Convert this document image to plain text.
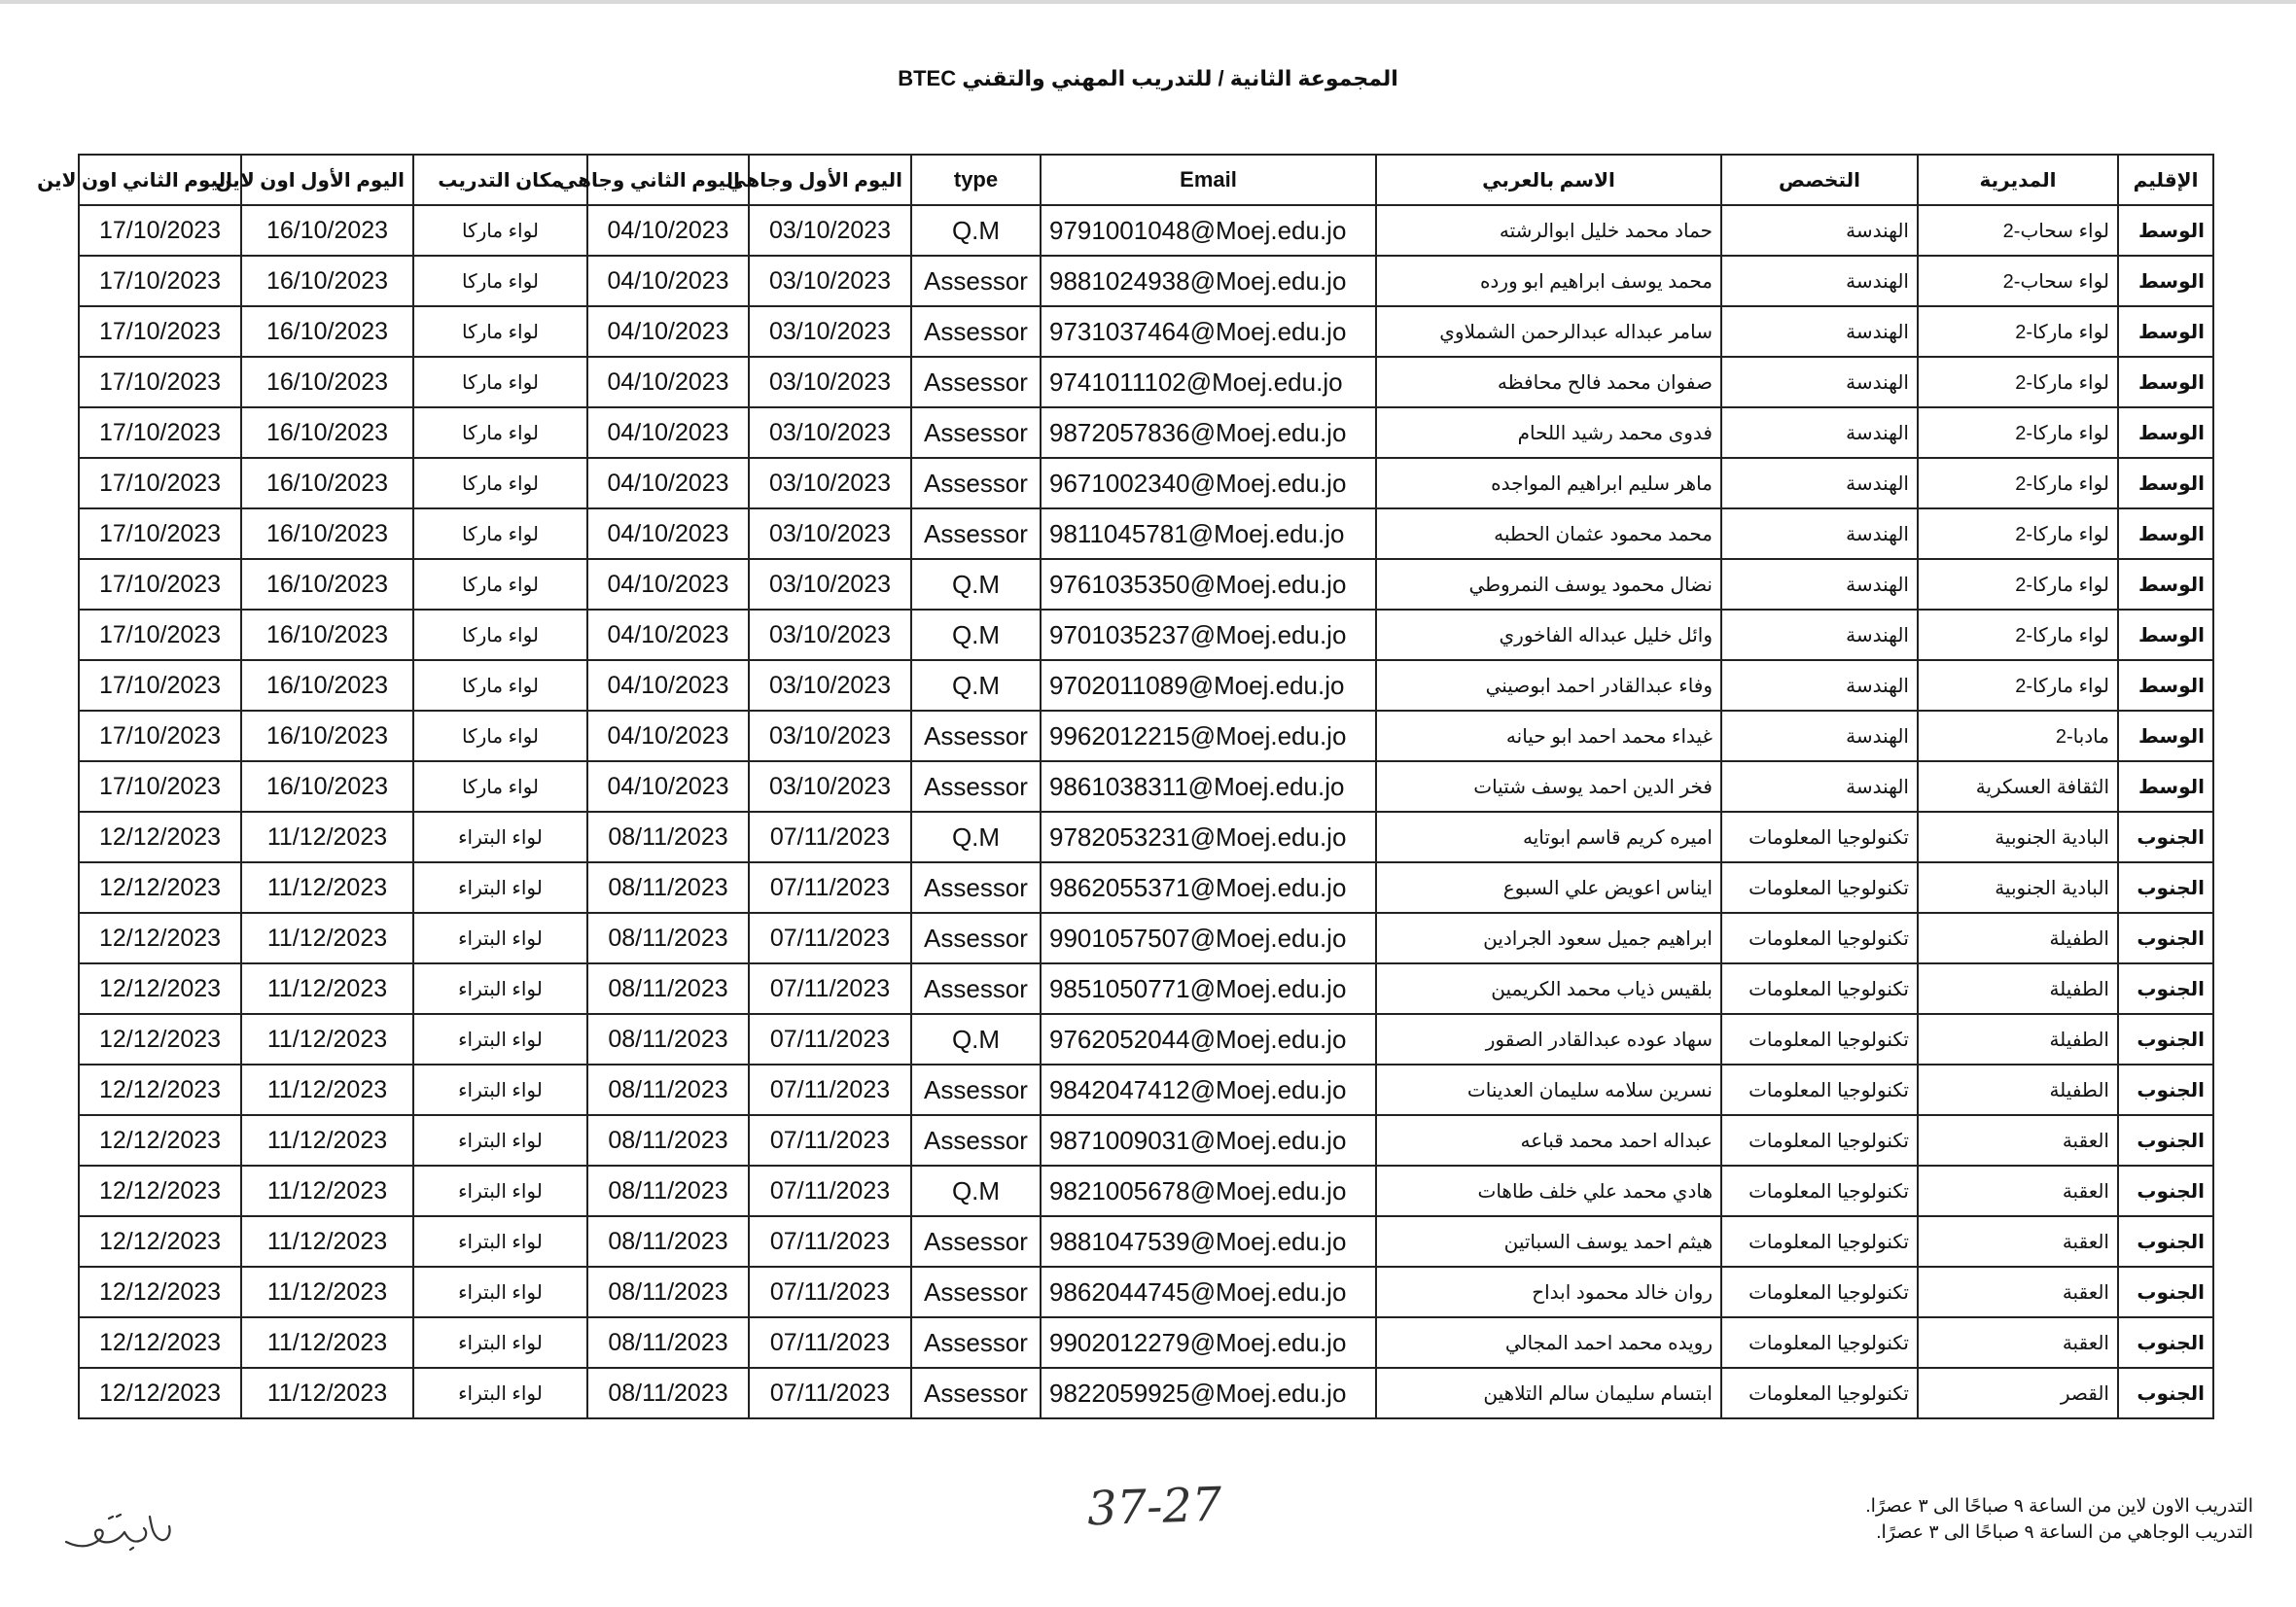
المجموعة الثانية / للتدريب المهني والتقني BTEC
الإقليم	المديرية	التخصص	الاسم بالعربي	Email	type	اليوم الأول وجاهي	اليوم الثاني وجاهي	مكان التدريب	اليوم الأول اون لاين	اليوم الثاني اون لاين
الوسط	لواء سحاب-2	الهندسة	حماد محمد خليل ابوالرشته	9791001048@Moej.edu.jo	Q.M	03/10/2023	04/10/2023	لواء ماركا	16/10/2023	17/10/2023
الوسط	لواء سحاب-2	الهندسة	محمد يوسف ابراهيم ابو ورده	9881024938@Moej.edu.jo	Assessor	03/10/2023	04/10/2023	لواء ماركا	16/10/2023	17/10/2023
الوسط	لواء ماركا-2	الهندسة	سامر عبداله عبدالرحمن الشملاوي	9731037464@Moej.edu.jo	Assessor	03/10/2023	04/10/2023	لواء ماركا	16/10/2023	17/10/2023
الوسط	لواء ماركا-2	الهندسة	صفوان محمد فالح محافظه	9741011102@Moej.edu.jo	Assessor	03/10/2023	04/10/2023	لواء ماركا	16/10/2023	17/10/2023
الوسط	لواء ماركا-2	الهندسة	فدوى محمد رشيد اللحام	9872057836@Moej.edu.jo	Assessor	03/10/2023	04/10/2023	لواء ماركا	16/10/2023	17/10/2023
الوسط	لواء ماركا-2	الهندسة	ماهر سليم ابراهيم المواجده	9671002340@Moej.edu.jo	Assessor	03/10/2023	04/10/2023	لواء ماركا	16/10/2023	17/10/2023
الوسط	لواء ماركا-2	الهندسة	محمد محمود عثمان الحطبه	9811045781@Moej.edu.jo	Assessor	03/10/2023	04/10/2023	لواء ماركا	16/10/2023	17/10/2023
الوسط	لواء ماركا-2	الهندسة	نضال محمود يوسف النمروطي	9761035350@Moej.edu.jo	Q.M	03/10/2023	04/10/2023	لواء ماركا	16/10/2023	17/10/2023
الوسط	لواء ماركا-2	الهندسة	وائل خليل عبداله الفاخوري	9701035237@Moej.edu.jo	Q.M	03/10/2023	04/10/2023	لواء ماركا	16/10/2023	17/10/2023
الوسط	لواء ماركا-2	الهندسة	وفاء عبدالقادر احمد ابوصيني	9702011089@Moej.edu.jo	Q.M	03/10/2023	04/10/2023	لواء ماركا	16/10/2023	17/10/2023
الوسط	مادبا-2	الهندسة	غيداء محمد احمد ابو حيانه	9962012215@Moej.edu.jo	Assessor	03/10/2023	04/10/2023	لواء ماركا	16/10/2023	17/10/2023
الوسط	الثقافة العسكرية	الهندسة	فخر الدين احمد يوسف شتيات	9861038311@Moej.edu.jo	Assessor	03/10/2023	04/10/2023	لواء ماركا	16/10/2023	17/10/2023
الجنوب	البادية الجنوبية	تكنولوجيا المعلومات	اميره كريم قاسم ابوتايه	9782053231@Moej.edu.jo	Q.M	07/11/2023	08/11/2023	لواء البتراء	11/12/2023	12/12/2023
الجنوب	البادية الجنوبية	تكنولوجيا المعلومات	ايناس اعويض علي السبوع	9862055371@Moej.edu.jo	Assessor	07/11/2023	08/11/2023	لواء البتراء	11/12/2023	12/12/2023
الجنوب	الطفيلة	تكنولوجيا المعلومات	ابراهيم جميل سعود الجرادين	9901057507@Moej.edu.jo	Assessor	07/11/2023	08/11/2023	لواء البتراء	11/12/2023	12/12/2023
الجنوب	الطفيلة	تكنولوجيا المعلومات	بلقيس ذياب محمد الكريمين	9851050771@Moej.edu.jo	Assessor	07/11/2023	08/11/2023	لواء البتراء	11/12/2023	12/12/2023
الجنوب	الطفيلة	تكنولوجيا المعلومات	سهاد عوده عبدالقادر الصقور	9762052044@Moej.edu.jo	Q.M	07/11/2023	08/11/2023	لواء البتراء	11/12/2023	12/12/2023
الجنوب	الطفيلة	تكنولوجيا المعلومات	نسرين سلامه سليمان العدينات	9842047412@Moej.edu.jo	Assessor	07/11/2023	08/11/2023	لواء البتراء	11/12/2023	12/12/2023
الجنوب	العقبة	تكنولوجيا المعلومات	عبداله احمد محمد قباعه	9871009031@Moej.edu.jo	Assessor	07/11/2023	08/11/2023	لواء البتراء	11/12/2023	12/12/2023
الجنوب	العقبة	تكنولوجيا المعلومات	هادي محمد علي خلف طاهات	9821005678@Moej.edu.jo	Q.M	07/11/2023	08/11/2023	لواء البتراء	11/12/2023	12/12/2023
الجنوب	العقبة	تكنولوجيا المعلومات	هيثم احمد يوسف السباتين	9881047539@Moej.edu.jo	Assessor	07/11/2023	08/11/2023	لواء البتراء	11/12/2023	12/12/2023
الجنوب	العقبة	تكنولوجيا المعلومات	روان خالد محمود ابداح	9862044745@Moej.edu.jo	Assessor	07/11/2023	08/11/2023	لواء البتراء	11/12/2023	12/12/2023
الجنوب	العقبة	تكنولوجيا المعلومات	رويده محمد احمد المجالي	9902012279@Moej.edu.jo	Assessor	07/11/2023	08/11/2023	لواء البتراء	11/12/2023	12/12/2023
الجنوب	القصر	تكنولوجيا المعلومات	ابتسام سليمان سالم التلاهين	9822059925@Moej.edu.jo	Assessor	07/11/2023	08/11/2023	لواء البتراء	11/12/2023	12/12/2023
التدريب الاون لاين من الساعة ٩ صباحًا الى ٣ عصرًا.
التدريب الوجاهي من الساعة ٩ صباحًا الى ٣ عصرًا.
37-27
